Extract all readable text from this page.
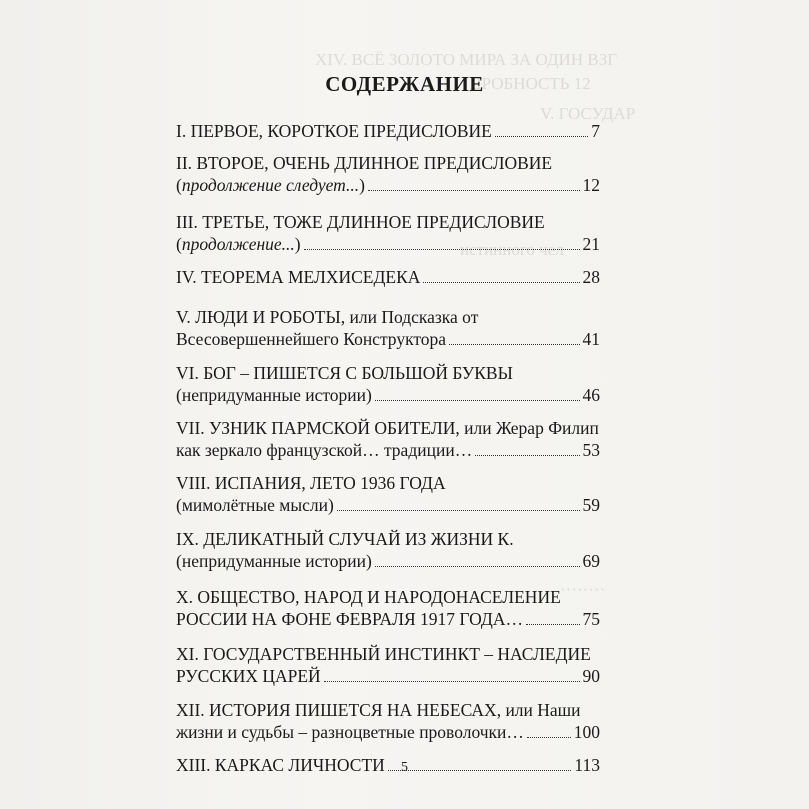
XIV. ВСЁ ЗОЛОТО МИРА ЗА ОДИН ВЗГ
ДРОБНОСТЬ 12
V. ГОСУДАР
истинного чел
········
СОДЕРЖАНИЕ
I. ПЕРВОЕ, КОРОТКОЕ ПРЕДИСЛОВИЕ	7
II. ВТОРОЕ, ОЧЕНЬ ДЛИННОЕ ПРЕДИСЛОВИЕ
( продолжение следует... )	12
III. ТРЕТЬЕ, ТОЖЕ ДЛИННОЕ ПРЕДИСЛОВИЕ
( продолжение... )	21
IV. ТЕОРЕМА МЕЛХИСЕДЕКА	28
V. ЛЮДИ И РОБОТЫ, или Подсказка от
Всесовершеннейшего Конструктора	41
VI. БОГ – ПИШЕТСЯ С БОЛЬШОЙ БУКВЫ
(непридуманные истории)	46
VII. УЗНИК ПАРМСКОЙ ОБИТЕЛИ, или Жерар Филип
как зеркало французской… традиции…	53
VIII. ИСПАНИЯ, ЛЕТО 1936 ГОДА
(мимолётные мысли)	59
IX. ДЕЛИКАТНЫЙ СЛУЧАЙ ИЗ ЖИЗНИ К.
(непридуманные истории)	69
X. ОБЩЕСТВО, НАРОД И НАРОДОНАСЕЛЕНИЕ
РОССИИ НА ФОНЕ ФЕВРАЛЯ 1917 ГОДА…	75
XI. ГОСУДАРСТВЕННЫЙ ИНСТИНКТ – НАСЛЕДИЕ
РУССКИХ ЦАРЕЙ	90
XII. ИСТОРИЯ ПИШЕТСЯ НА НЕБЕСАХ, или Наши
жизни и судьбы – разноцветные проволочки…	100
XIII. КАРКАС ЛИЧНОСТИ	113
5
